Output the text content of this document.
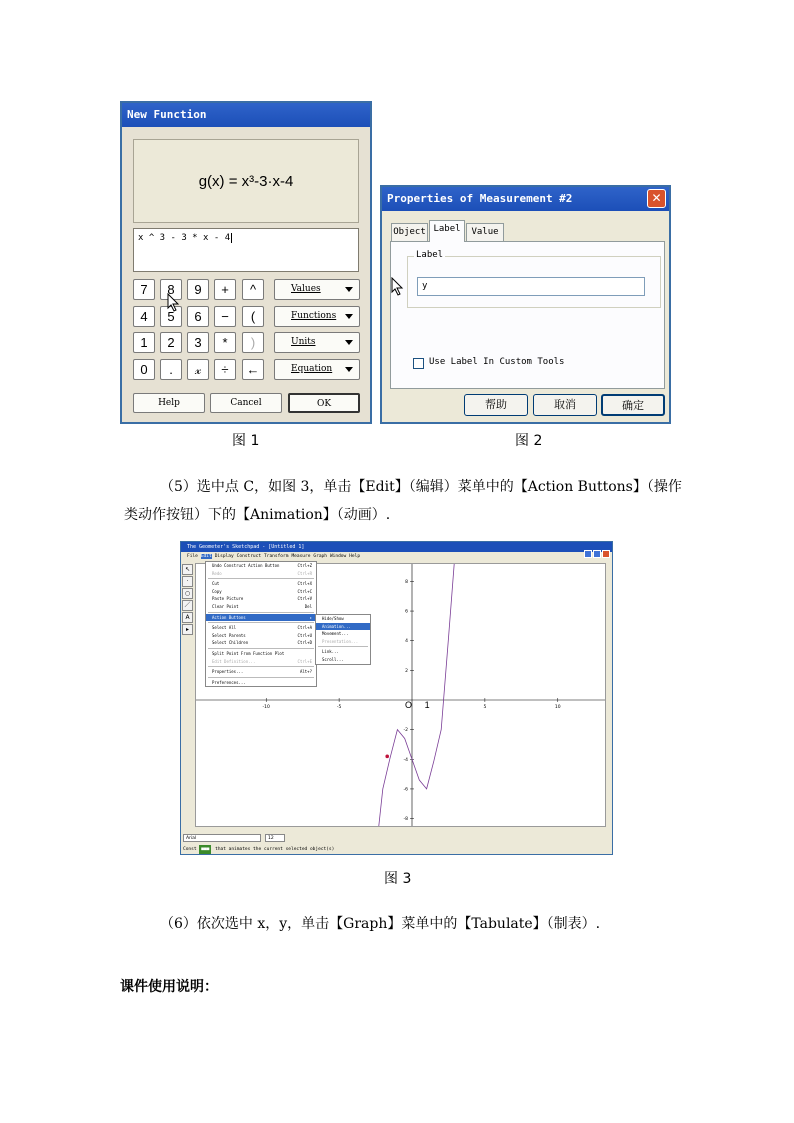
New Function
g(x) = x³-3·x-4
x ^ 3 - 3 * x - 4
7	8	9	+	^
4	5	6	−	(
1	2	3	*	)
0	.	𝓍	÷	←
Values
Functions
Units
Equation
Help	Cancel	OK
图 1
Properties of Measurement #2	✕
Object Label	Value
Label
y
Use Label In Custom Tools
帮助	取消	确定
图 2
（5）选中点 C，如图 3，单击【Edit】（编辑）菜单中的【Action Buttons】（操作类动作按钮）下的【Animation】（动画）.
The Geometer's Sketchpad - [Untitled 1]
File Edit Display Construct Transform Measure Graph Window Help
↖
·
○
／
A
▸
-10	-5	5	10
8
6
4
2
-2
-4
-6
-8
O 1
Undo Construct Action Button	Ctrl+Z
Redo	Ctrl+R
Cut	Ctrl+X
Copy	Ctrl+C
Paste Picture	Ctrl+V
Clear Point	Del
Action Buttons	▸
Select All	Ctrl+A
Select Parents	Ctrl+U
Select Children	Ctrl+D
Split Point From Function Plot
Edit Definition...	Ctrl+E
Properties...	Alt+?
Preferences...
Hide/Show
Animation...
Movement...
Presentation...
Link...
Scroll...
Arial	12
Const ■■■ that animates the current selected object(s)
图 3
（6）依次选中 x，y，单击【Graph】菜单中的【Tabulate】（制表）.
课件使用说明：
